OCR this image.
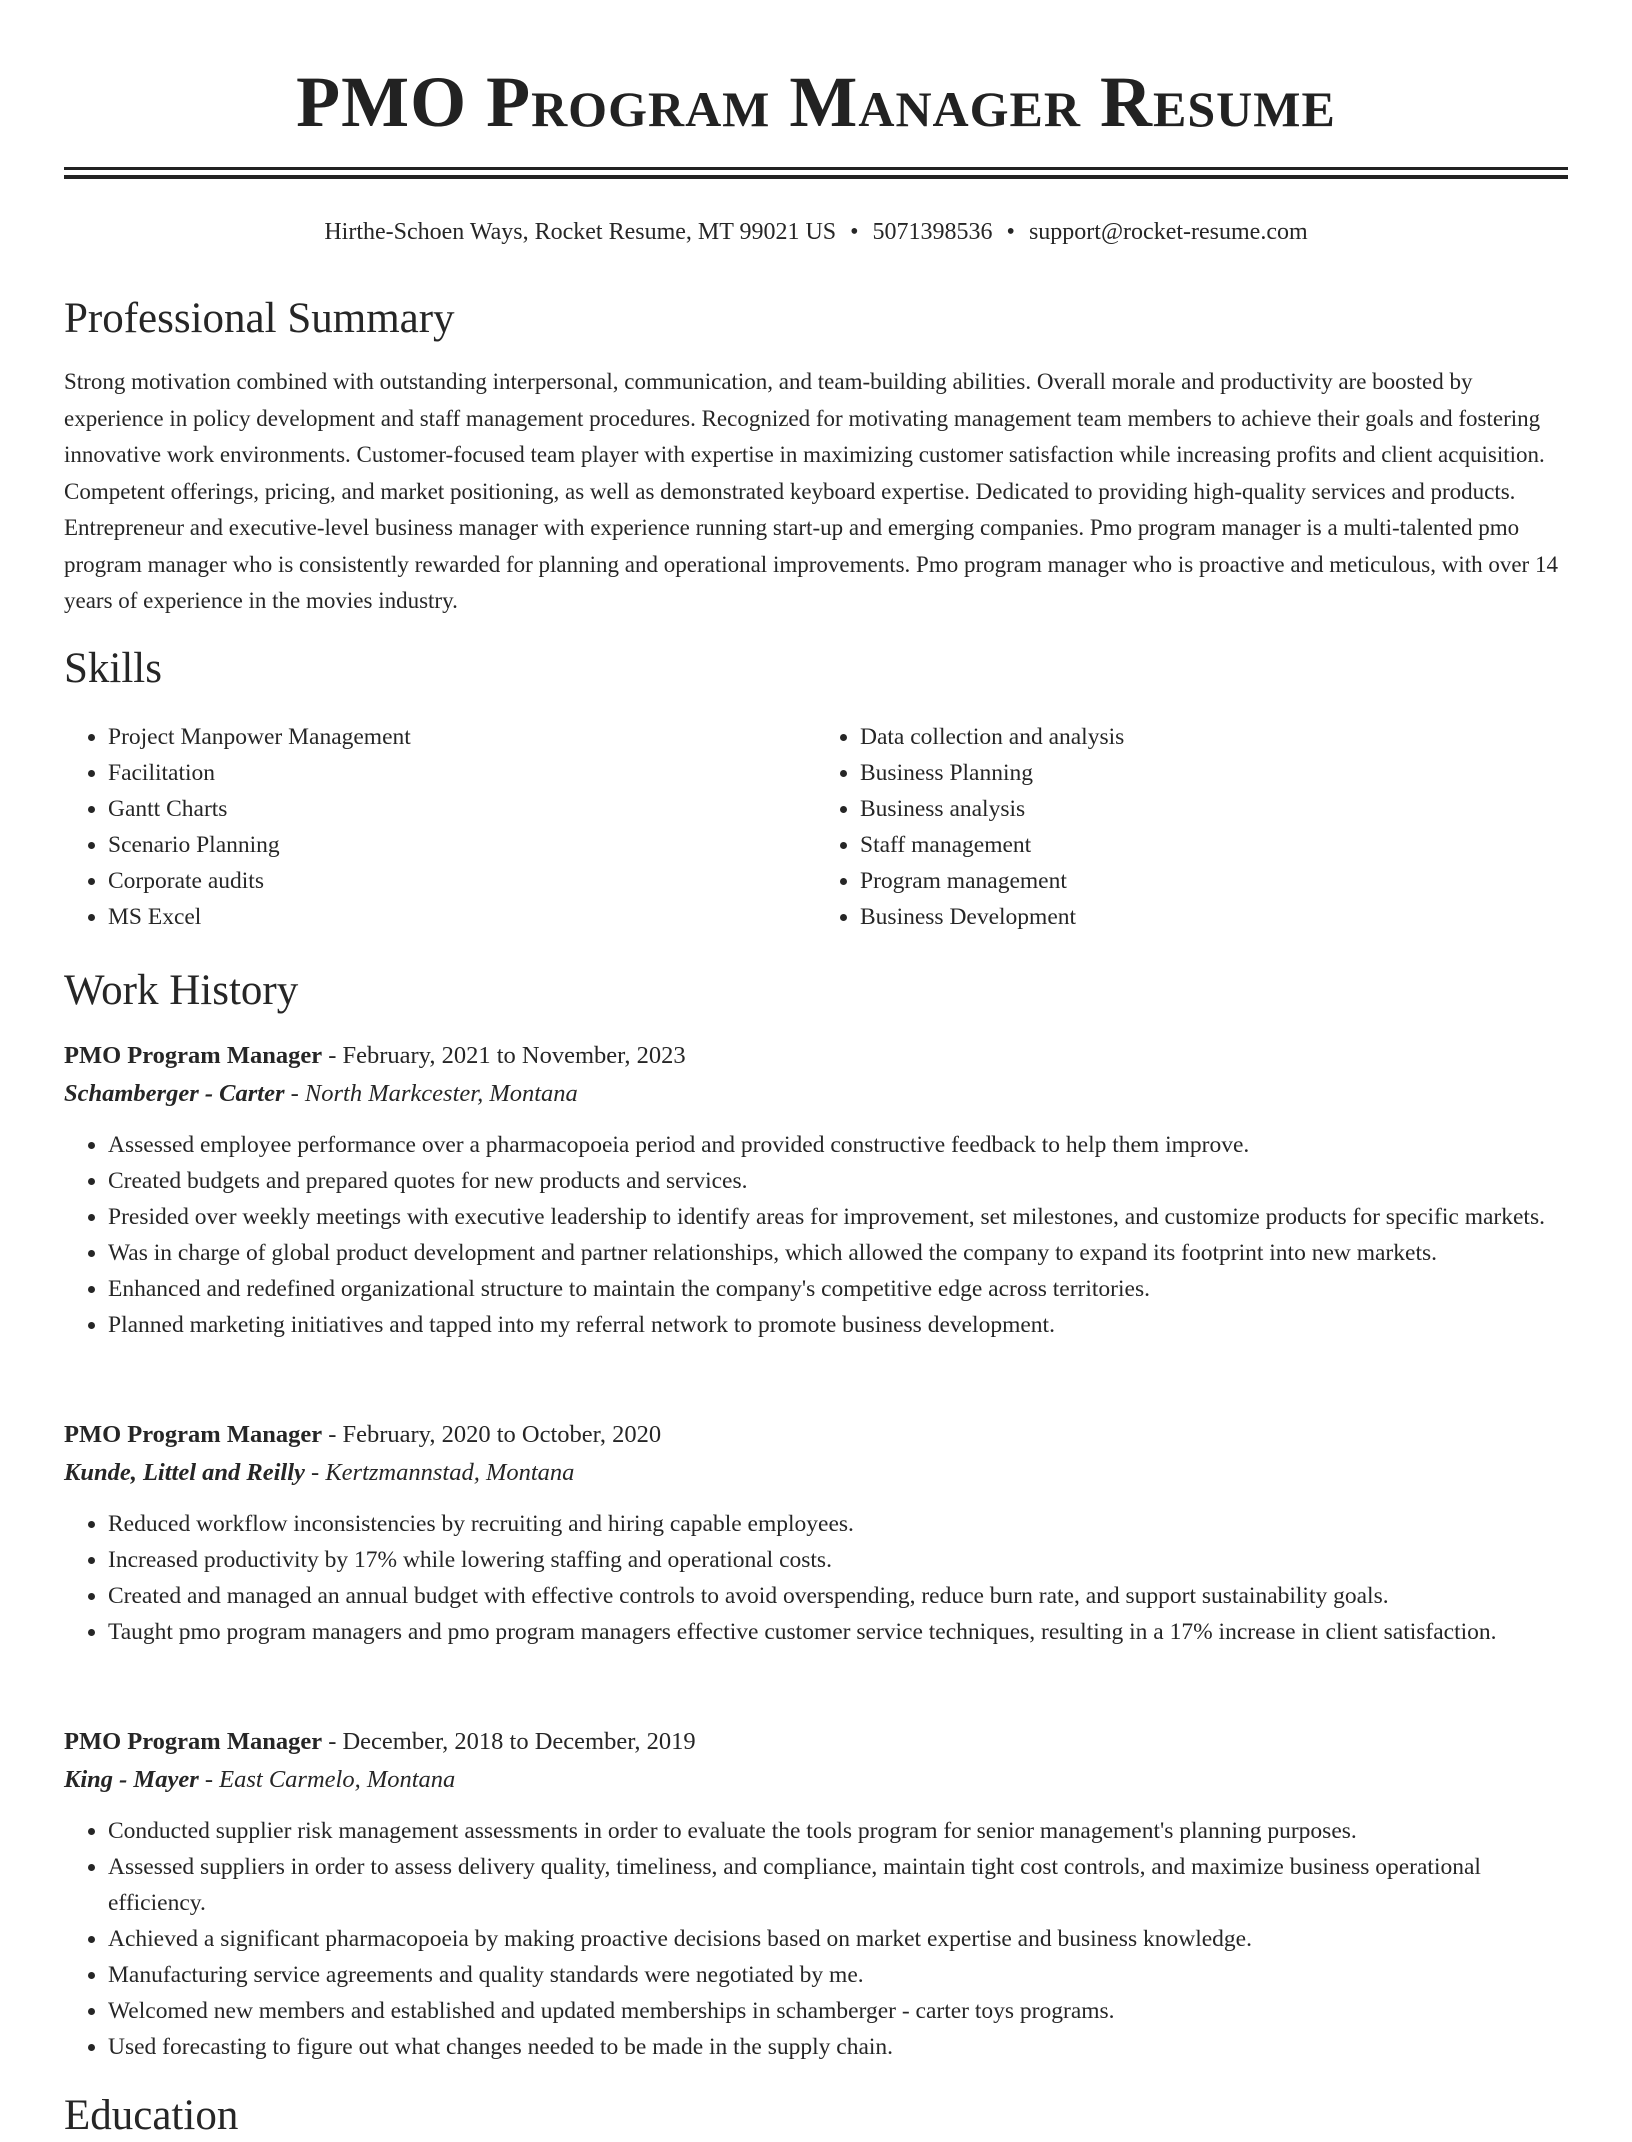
PMO Program Manager Resume
Hirthe-Schoen Ways, Rocket Resume, MT 99021 US • 5071398536 • support@rocket-resume.com
Professional Summary

Strong motivation combined with outstanding interpersonal, communication, and team-building abilities. Overall morale and productivity are boosted by experience in policy development and staff management procedures. Recognized for motivating management team members to achieve their goals and fostering innovative work environments. Customer-focused team player with expertise in maximizing customer satisfaction while increasing profits and client acquisition. Competent offerings, pricing, and market positioning, as well as demonstrated keyboard expertise. Dedicated to providing high-quality services and products. Entrepreneur and executive-level business manager with experience running start-up and emerging companies. Pmo program manager is a multi-talented pmo program manager who is consistently rewarded for planning and operational improvements. Pmo program manager who is proactive and meticulous, with over 14 years of experience in the movies industry.

Skills
• Project Manpower Management
• Facilitation
• Gantt Charts
• Scenario Planning
• Corporate audits
• MS Excel
• Data collection and analysis
• Business Planning
• Business analysis
• Staff management
• Program management
• Business Development
Work History
PMO Program Manager - February, 2021 to November, 2023
Schamberger - Carter - North Markcester, Montana
• Assessed employee performance over a pharmacopoeia period and provided constructive feedback to help them improve.
• Created budgets and prepared quotes for new products and services.
• Presided over weekly meetings with executive leadership to identify areas for improvement, set milestones, and customize products for specific markets.
• Was in charge of global product development and partner relationships, which allowed the company to expand its footprint into new markets.
• Enhanced and redefined organizational structure to maintain the company's competitive edge across territories.
• Planned marketing initiatives and tapped into my referral network to promote business development.
PMO Program Manager - February, 2020 to October, 2020
Kunde, Littel and Reilly - Kertzmannstad, Montana
• Reduced workflow inconsistencies by recruiting and hiring capable employees.
• Increased productivity by 17% while lowering staffing and operational costs.
• Created and managed an annual budget with effective controls to avoid overspending, reduce burn rate, and support sustainability goals.
• Taught pmo program managers and pmo program managers effective customer service techniques, resulting in a 17% increase in client satisfaction.
PMO Program Manager - December, 2018 to December, 2019
King - Mayer - East Carmelo, Montana
• Conducted supplier risk management assessments in order to evaluate the tools program for senior management's planning purposes.
• Assessed suppliers in order to assess delivery quality, timeliness, and compliance, maintain tight cost controls, and maximize business operational efficiency.
• Achieved a significant pharmacopoeia by making proactive decisions based on market expertise and business knowledge.
• Manufacturing service agreements and quality standards were negotiated by me.
• Welcomed new members and established and updated memberships in schamberger - carter toys programs.
• Used forecasting to figure out what changes needed to be made in the supply chain.
Education
